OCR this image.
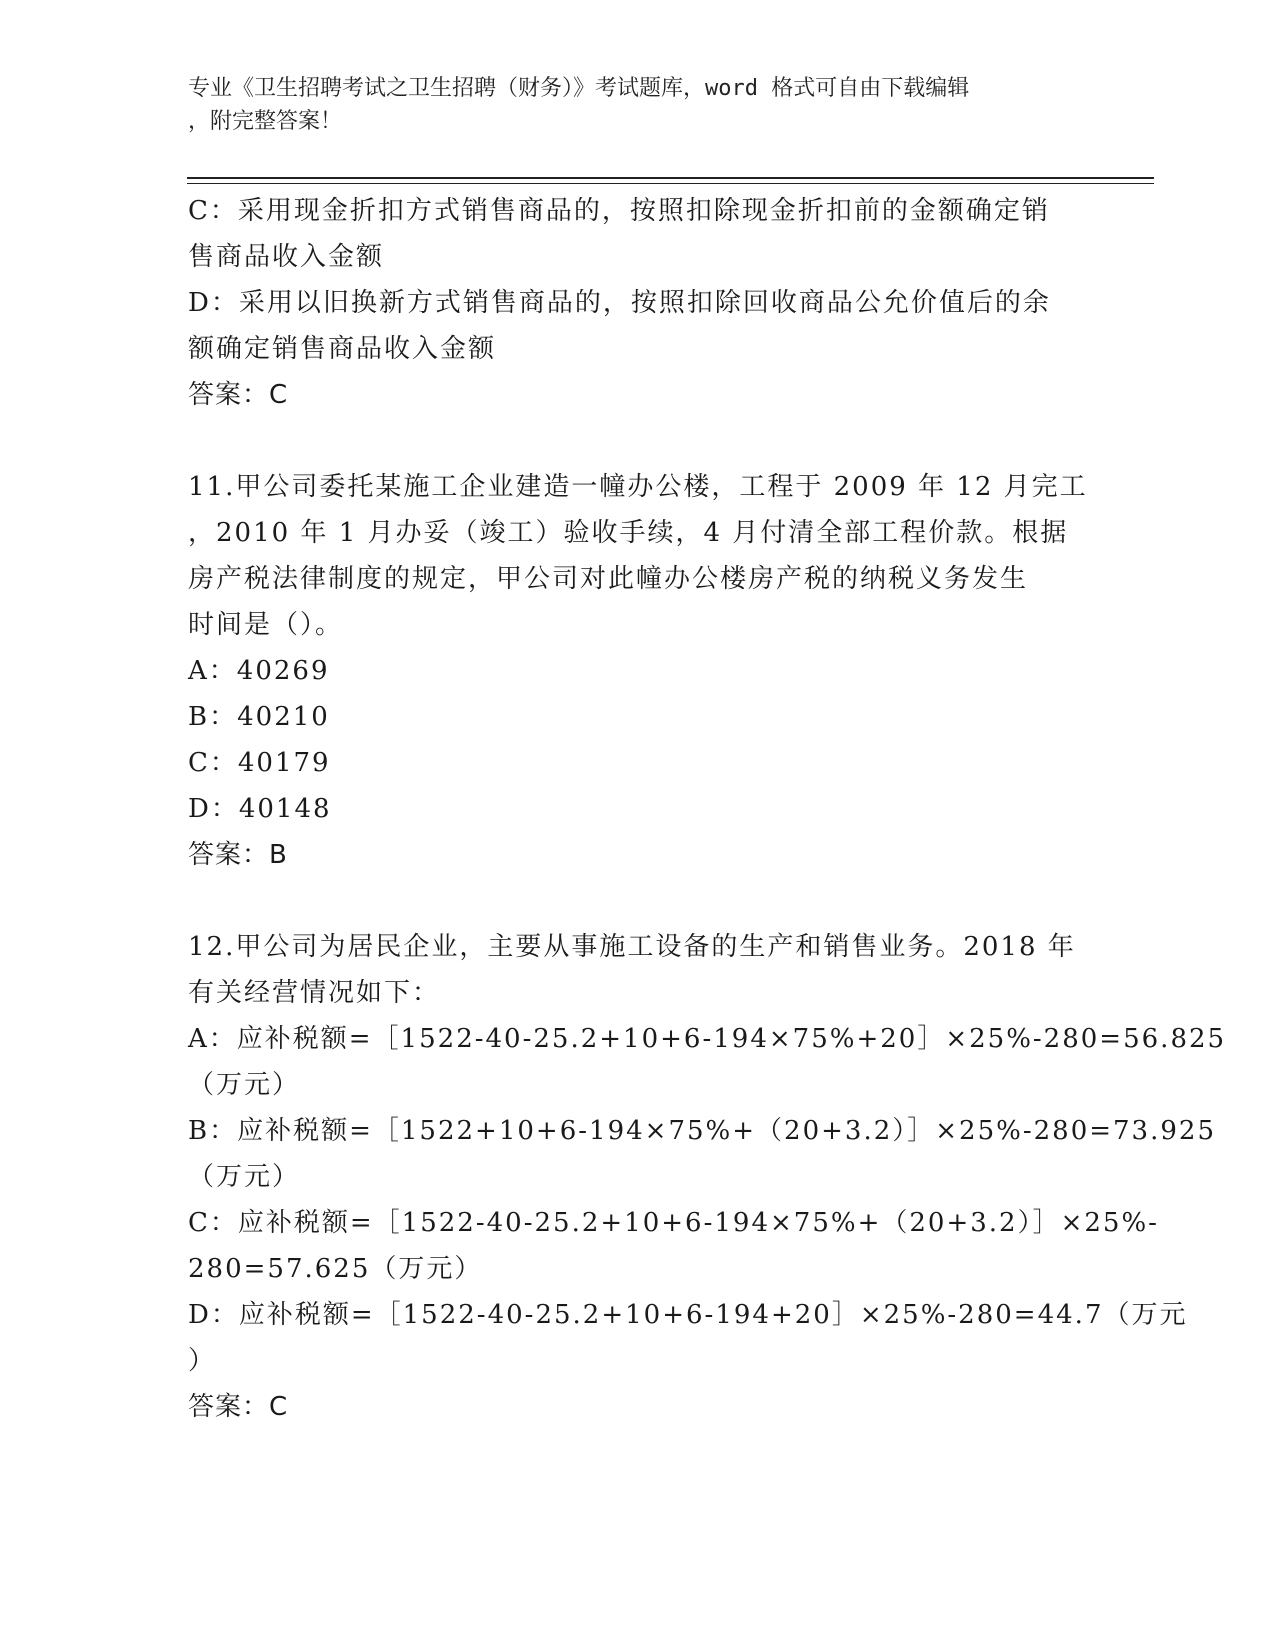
专业《卫生招聘考试之卫生招聘（财务）》考试题库，word 格式可自由下载编辑
，附完整答案！
C：采用现金折扣方式销售商品的，按照扣除现金折扣前的金额确定销
售商品收入金额
D：采用以旧换新方式销售商品的，按照扣除回收商品公允价值后的余
额确定销售商品收入金额
答案：C
11.甲公司委托某施工企业建造一幢办公楼，工程于 2009 年 12 月完工
，2010 年 1 月办妥（竣工）验收手续，4 月付清全部工程价款。根据
房产税法律制度的规定，甲公司对此幢办公楼房产税的纳税义务发生
时间是（）。
A：40269
B：40210
C：40179
D：40148
答案：B
12.甲公司为居民企业，主要从事施工设备的生产和销售业务。2018 年
有关经营情况如下：
A：应补税额=［1522-40-25.2+10+6-194×75%+20］×25%-280=56.825
（万元）
B：应补税额=［1522+10+6-194×75%+（20+3.2）］×25%-280=73.925
（万元）
C：应补税额=［1522-40-25.2+10+6-194×75%+（20+3.2）］×25%-
280=57.625（万元）
D：应补税额=［1522-40-25.2+10+6-194+20］×25%-280=44.7（万元
）
答案：C
